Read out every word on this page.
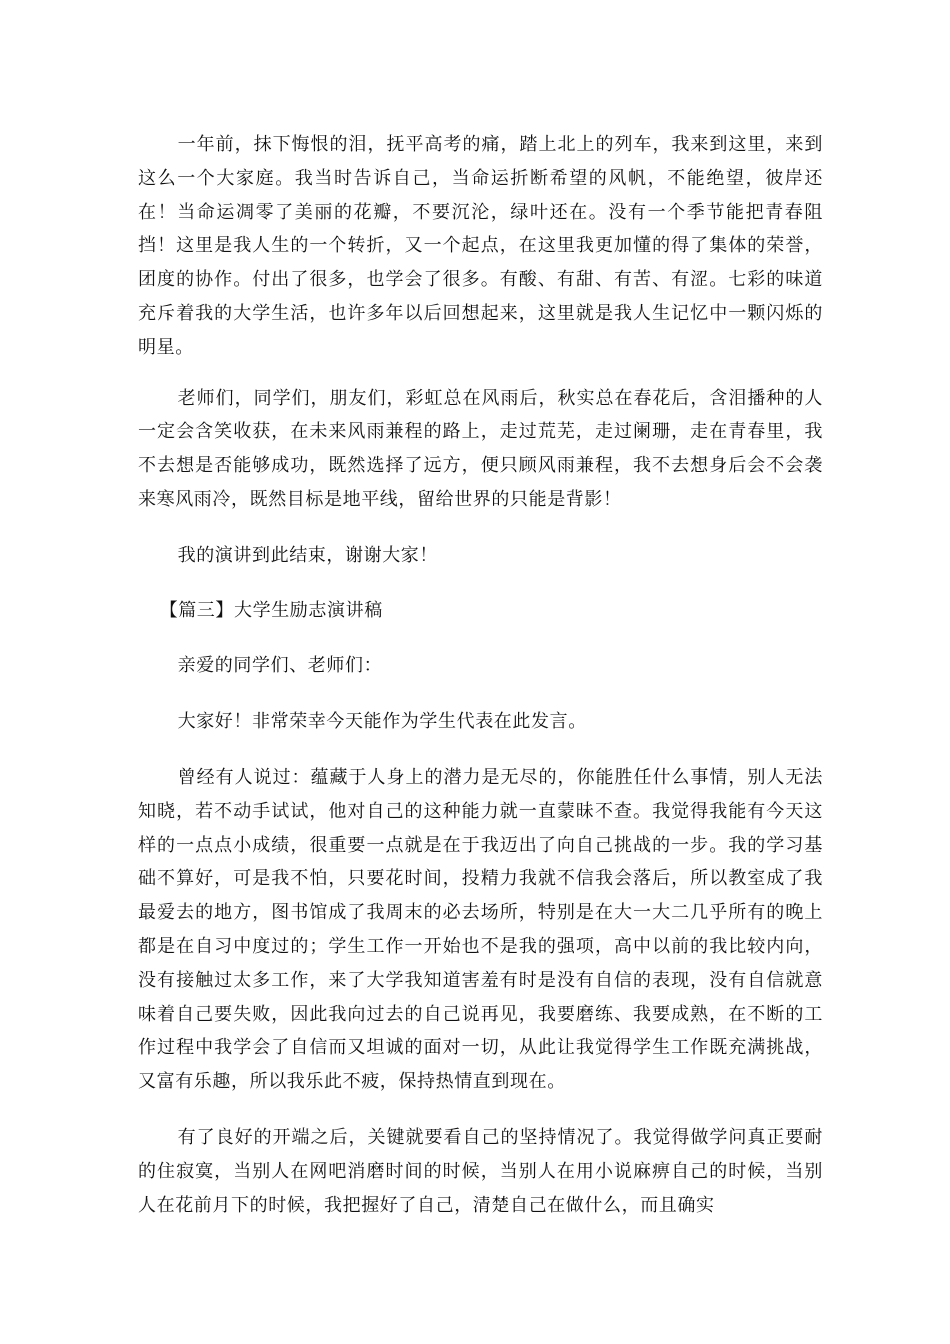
一年前，抹下悔恨的泪，抚平高考的痛，踏上北上的列车，我来到这里，来到这么一个大家庭。我当时告诉自己，当命运折断希望的风帆，不能绝望，彼岸还在！当命运凋零了美丽的花瓣，不要沉沦，绿叶还在。没有一个季节能把青春阻挡！这里是我人生的一个转折，又一个起点，在这里我更加懂的得了集体的荣誉，团度的协作。付出了很多，也学会了很多。有酸、有甜、有苦、有涩。七彩的味道充斥着我的大学生活，也许多年以后回想起来，这里就是我人生记忆中一颗闪烁的明星。

老师们，同学们，朋友们，彩虹总在风雨后，秋实总在春花后，含泪播种的人一定会含笑收获，在未来风雨兼程的路上，走过荒芜，走过阑珊，走在青春里，我不去想是否能够成功，既然选择了远方，便只顾风雨兼程，我不去想身后会不会袭来寒风雨冷，既然目标是地平线，留给世界的只能是背影！

我的演讲到此结束，谢谢大家！

【篇三】大学生励志演讲稿

亲爱的同学们、老师们：

大家好！非常荣幸今天能作为学生代表在此发言。

曾经有人说过：蕴藏于人身上的潜力是无尽的，你能胜任什么事情，别人无法知晓，若不动手试试，他对自己的这种能力就一直蒙昧不查。我觉得我能有今天这样的一点点小成绩，很重要一点就是在于我迈出了向自己挑战的一步。我的学习基础不算好，可是我不怕，只要花时间，投精力我就不信我会落后，所以教室成了我最爱去的地方，图书馆成了我周末的必去场所，特别是在大一大二几乎所有的晚上都是在自习中度过的；学生工作一开始也不是我的强项，高中以前的我比较内向，没有接触过太多工作，来了大学我知道害羞有时是没有自信的表现，没有自信就意味着自己要失败，因此我向过去的自己说再见，我要磨练、我要成熟，在不断的工作过程中我学会了自信而又坦诚的面对一切，从此让我觉得学生工作既充满挑战，又富有乐趣，所以我乐此不疲，保持热情直到现在。

有了良好的开端之后，关键就要看自己的坚持情况了。我觉得做学问真正要耐的住寂寞，当别人在网吧消磨时间的时候，当别人在用小说麻痹自己的时候，当别人在花前月下的时候，我把握好了自己，清楚自己在做什么，而且确实
